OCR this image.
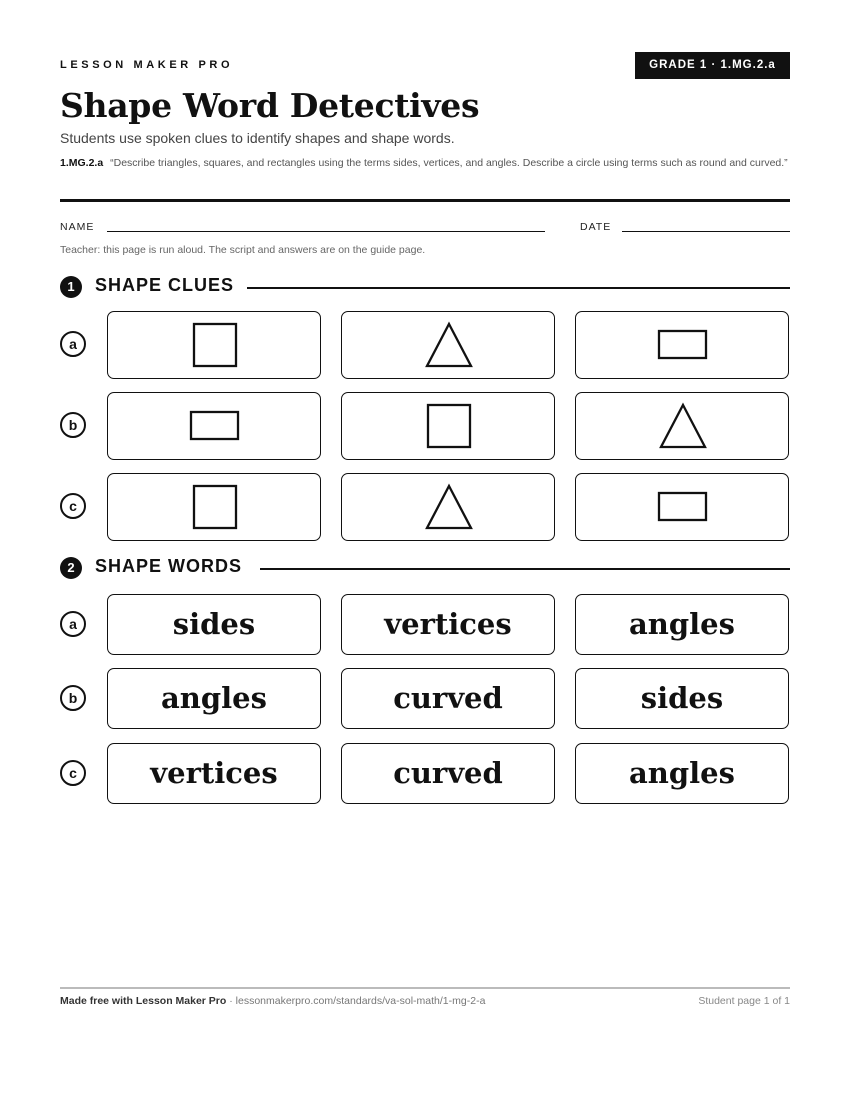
LESSON MAKER PRO	GRADE 1 · 1.MG.2.a
Shape Word Detectives
Students use spoken clues to identify shapes and shape words.
1.MG.2.a “Describe triangles, squares, and rectangles using the terms sides, vertices, and angles. Describe a circle using terms such as round and curved.”
NAME	DATE
Teacher: this page is run aloud. The script and answers are on the guide page.
1	SHAPE CLUES
a
b
c
2	SHAPE WORDS
a	sides	vertices	angles
b	angles	curved	sides
c	vertices	curved	angles
Made free with Lesson Maker Pro · lessonmakerpro.com/standards/va-sol-math/1-mg-2-a	Student page 1 of 1
